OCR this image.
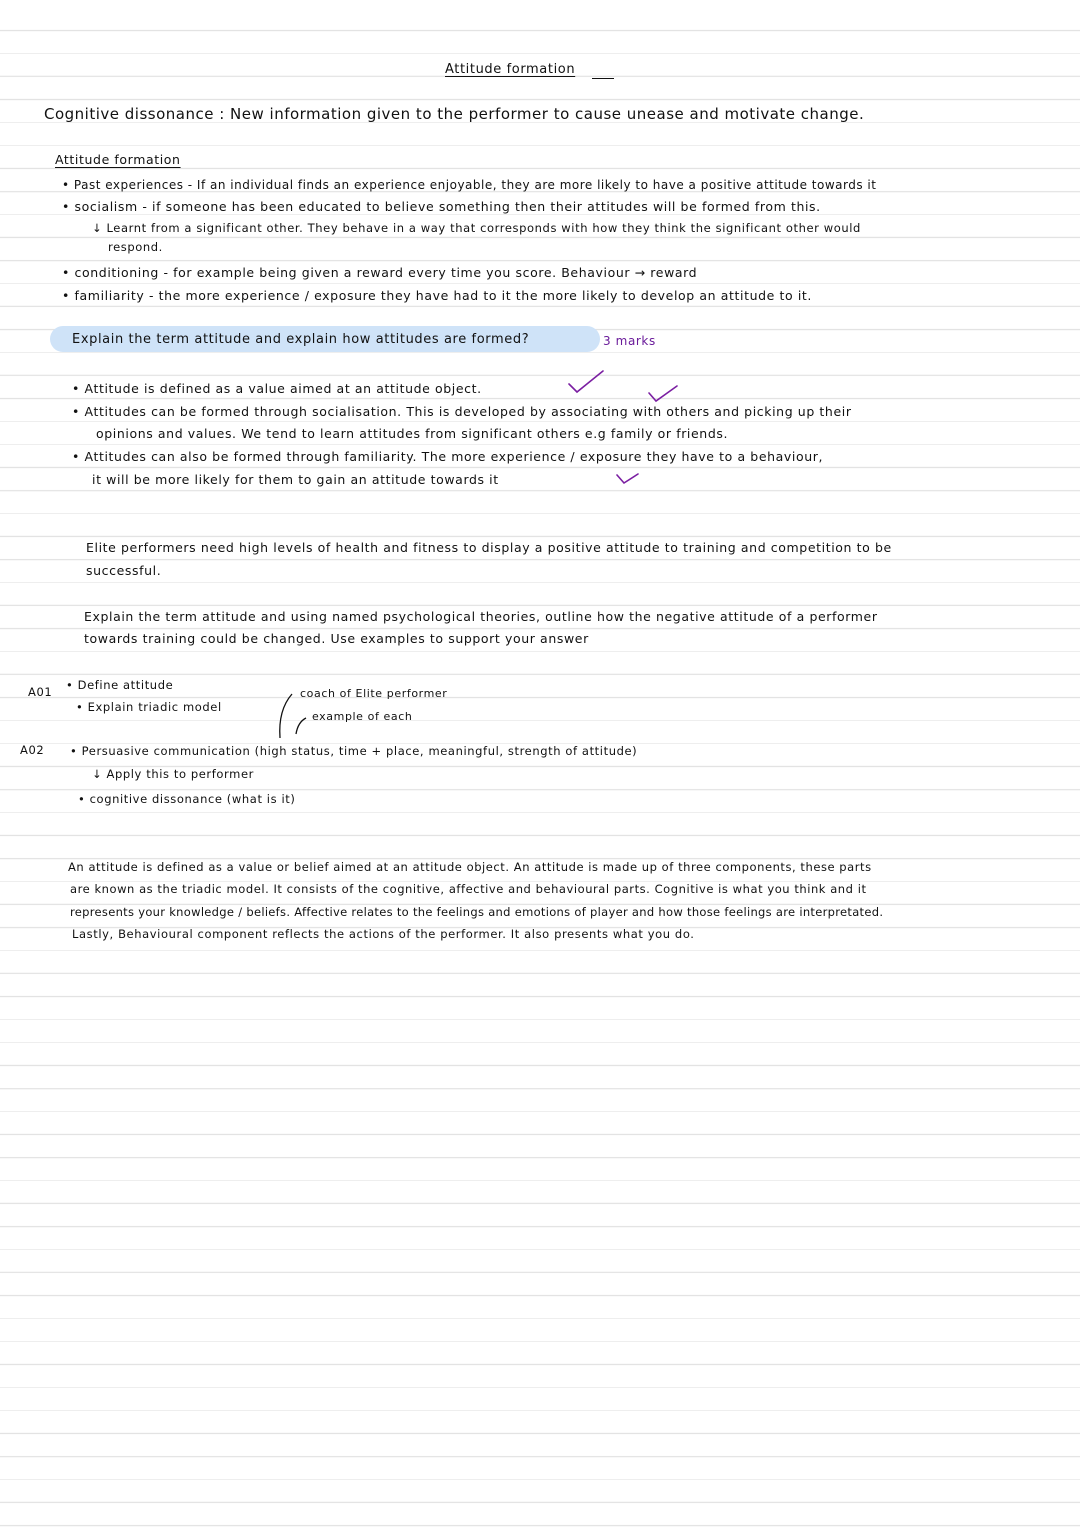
Attitude formation
Cognitive dissonance : New information given to the performer to cause unease and motivate change.
Attitude formation
• Past experiences - If an individual finds an experience enjoyable, they are more likely to have a positive attitude towards it
• socialism - if someone has been educated to believe something then their attitudes will be formed from this.
↓ Learnt from a significant other. They behave in a way that corresponds with how they think the significant other would
respond.
• conditioning - for example being given a reward every time you score. Behaviour → reward
• familiarity - the more experience / exposure they have had to it the more likely to develop an attitude to it.
Explain the term attitude and explain how attitudes are formed?	3 marks
• Attitude is defined as a value aimed at an attitude object.
• Attitudes can be formed through socialisation. This is developed by associating with others and picking up their
opinions and values. We tend to learn attitudes from significant others e.g family or friends.
• Attitudes can also be formed through familiarity. The more experience / exposure they have to a behaviour,
it will be more likely for them to gain an attitude towards it
Elite performers need high levels of health and fitness to display a positive attitude to training and competition to be
successful.
Explain the term attitude and using named psychological theories, outline how the negative attitude of a performer
towards training could be changed. Use examples to support your answer
A01 • Define attitude
• Explain triadic model
coach of Elite performer
example of each
A02 • Persuasive communication (high status, time + place, meaningful, strength of attitude)
↓ Apply this to performer
• cognitive dissonance (what is it)
An attitude is defined as a value or belief aimed at an attitude object. An attitude is made up of three components, these parts
are known as the triadic model. It consists of the cognitive, affective and behavioural parts. Cognitive is what you think and it
represents your knowledge / beliefs. Affective relates to the feelings and emotions of player and how those feelings are interpretated.
Lastly, Behavioural component reflects the actions of the performer. It also presents what you do.
